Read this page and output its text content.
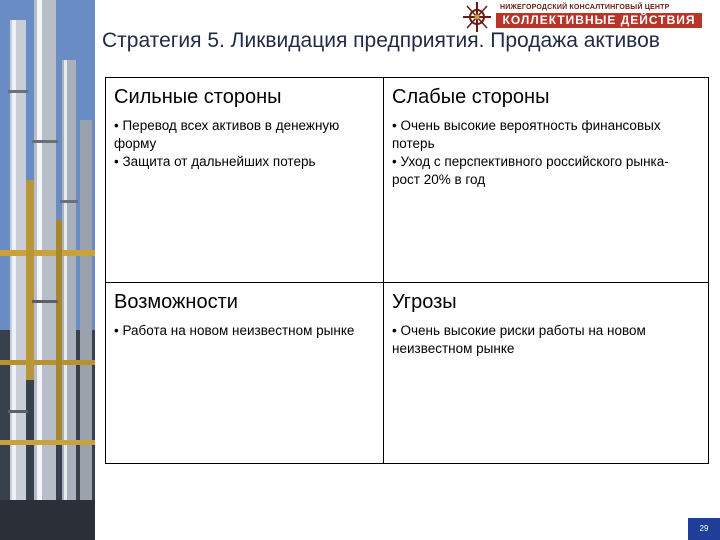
НИЖЕГОРОДСКИЙ КОНСАЛТИНГОВЫЙ ЦЕНТР
КОЛЛЕКТИВНЫЕ ДЕЙСТВИЯ
Стратегия 5. Ликвидация предприятия. Продажа активов
Сильные стороны

• Перевод всех активов в денежную форму

• Защита от дальнейших потерь

Слабые стороны

• Очень высокие вероятность финансовых потерь

• Уход с перспективного российского рынка- рост 20% в год

Возможности

• Работа на новом неизвестном рынке

Угрозы

• Очень высокие риски работы на новом неизвестном рынке

29
